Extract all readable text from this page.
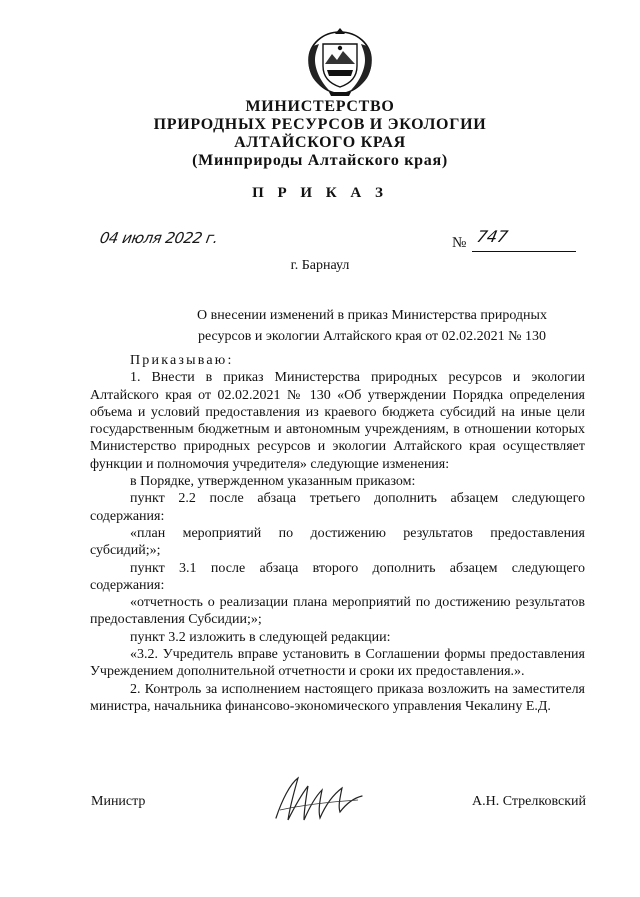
МИНИСТЕРСТВО

ПРИРОДНЫХ РЕСУРСОВ И ЭКОЛОГИИ

АЛТАЙСКОГО КРАЯ

(Минприроды Алтайского края)

П Р И К А З

04 июля 2022 г.	№ 747

г. Барнаул

О внесении изменений в приказ Министерства природных ресурсов и экологии Алтайского края от 02.02.2021 № 130

Приказываю:

1. Внести в приказ Министерства природных ресурсов и экологии Алтайского края от 02.02.2021 № 130 «Об утверждении Порядка определения объема и условий предоставления из краевого бюджета субсидий на иные цели государственным бюджетным и автономным учреждениям, в отношении которых Министерство природных ресурсов и экологии Алтайского края осуществляет функции и полномочия учредителя» следующие изменения:

в Порядке, утвержденном указанным приказом:

пункт 2.2 после абзаца третьего дополнить абзацем следующего содержания:

«план мероприятий по достижению результатов предоставления субсидий;»;

пункт 3.1 после абзаца второго дополнить абзацем следующего содержания:

«отчетность о реализации плана мероприятий по достижению результатов предоставления Субсидии;»;

пункт 3.2 изложить в следующей редакции:

«3.2. Учредитель вправе установить в Соглашении формы предоставления Учреждением дополнительной отчетности и сроки их предоставления.».

2. Контроль за исполнением настоящего приказа возложить на заместителя министра, начальника финансово-экономического управления Чекалину Е.Д.

Министр	А.Н. Стрелковский
